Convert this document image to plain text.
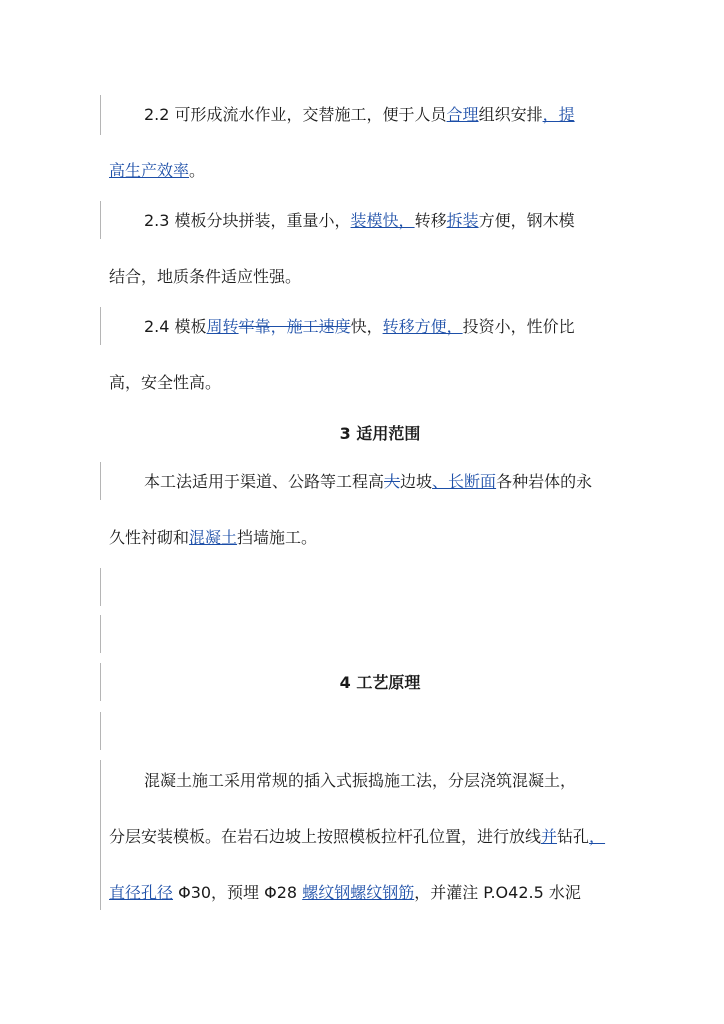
2.2 可形成流水作业，交替施工，便于人员合理组织安排，提
高生产效率。
2.3 模板分块拼装，重量小，装模快，转移拆装方便，钢木模
结合，地质条件适应性强。
2.4 模板周转牢靠，施工速度快，转移方便，投资小，性价比
高，安全性高。
3 适用范围
本工法适用于渠道、公路等工程高大边坡、长断面各种岩体的永
久性衬砌和混凝土挡墙施工。
4 工艺原理
混凝土施工采用常规的插入式振捣施工法，分层浇筑混凝土，
分层安装模板。在岩石边坡上按照模板拉杆孔位置，进行放线并钻孔，
直径孔径 Φ30，预埋 Φ28 螺纹钢螺纹钢筋，并灌注 P.O42.5 水泥
